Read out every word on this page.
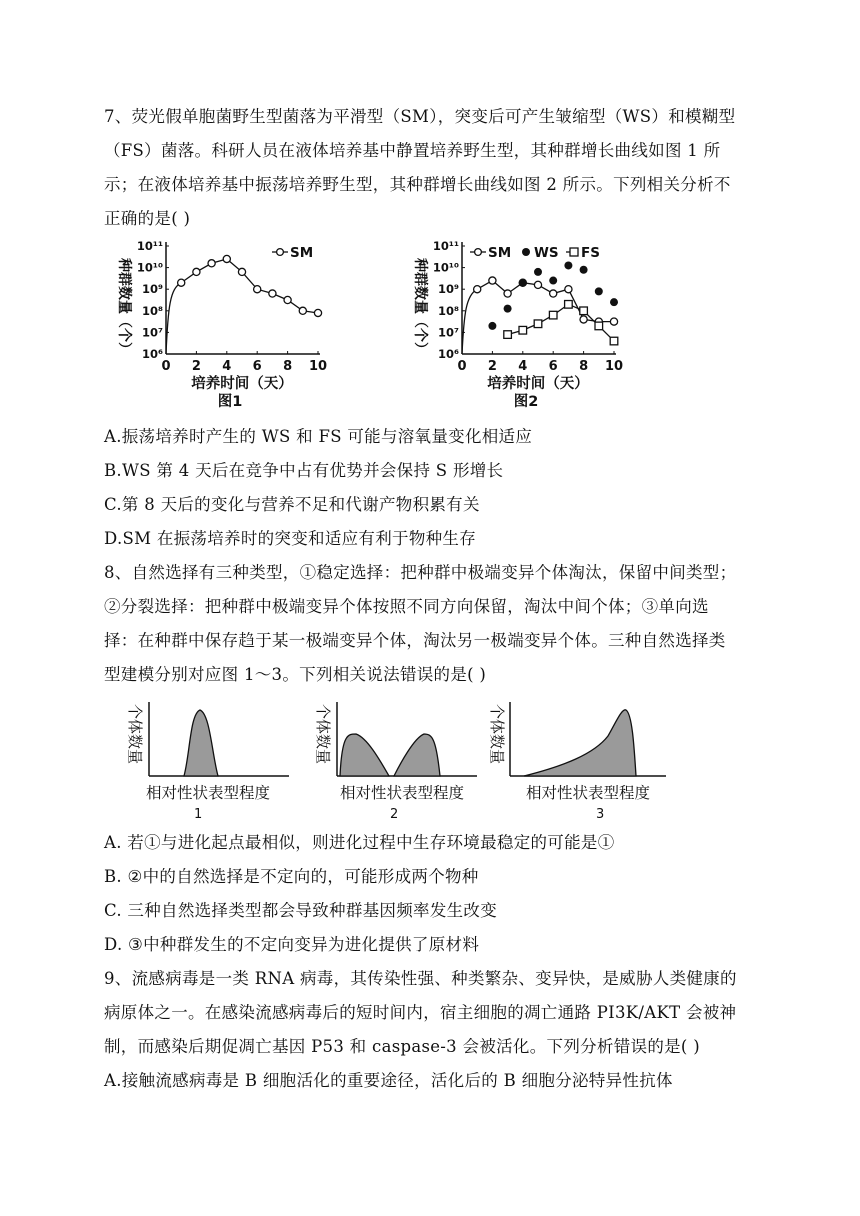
7、荧光假单胞菌野生型菌落为平滑型（SM），突变后可产生皱缩型（WS）和模糊型
（FS）菌落。科研人员在液体培养基中静置培养野生型，其种群增长曲线如图 1 所
示；在液体培养基中振荡培养野生型，其种群增长曲线如图 2 所示。下列相关分析不
正确的是( )
0 2 4 6 8 10
10⁶
10⁷
10⁸
10⁹
10¹⁰
10¹¹
种群数量（个）
培养时间（天）
图1
SM
0 2 4 6 8 10
10⁶
10⁷
10⁸
10⁹
10¹⁰
10¹¹
种群数量（个）
培养时间（天）
图2
SM WS FS
A.振荡培养时产生的 WS 和 FS 可能与溶氧量变化相适应
B.WS 第 4 天后在竞争中占有优势并会保持 S 形增长
C.第 8 天后的变化与营养不足和代谢产物积累有关
D.SM 在振荡培养时的突变和适应有利于物种生存
8、自然选择有三种类型，①稳定选择：把种群中极端变异个体淘汰，保留中间类型；
②分裂选择：把种群中极端变异个体按照不同方向保留，淘汰中间个体；③单向选
择：在种群中保存趋于某一极端变异个体，淘汰另一极端变异个体。三种自然选择类
型建模分别对应图 1～3。下列相关说法错误的是( )
个体数量
相对性状表型程度
1
个体数量
相对性状表型程度
2
个体数量
相对性状表型程度
3
A. 若①与进化起点最相似，则进化过程中生存环境最稳定的可能是①
B. ②中的自然选择是不定向的，可能形成两个物种
C. 三种自然选择类型都会导致种群基因频率发生改变
D. ③中种群发生的不定向变异为进化提供了原材料
9、流感病毒是一类 RNA 病毒，其传染性强、种类繁杂、变异快，是威胁人类健康的
病原体之一。在感染流感病毒后的短时间内，宿主细胞的凋亡通路 PI3K/AKT 会被神
制，而感染后期促凋亡基因 P53 和 caspase-3 会被活化。下列分析错误的是( )
A.接触流感病毒是 B 细胞活化的重要途径，活化后的 B 细胞分泌特异性抗体
